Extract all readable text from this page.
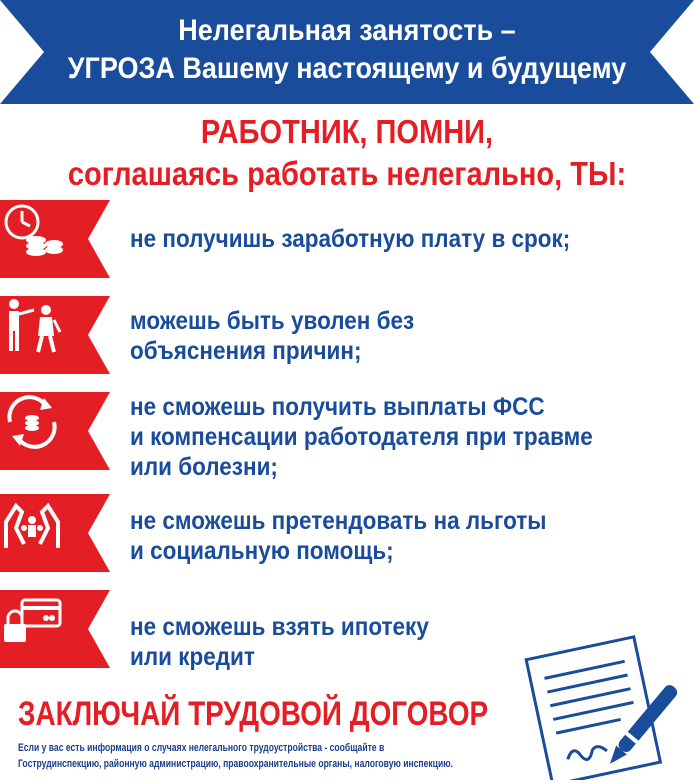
Нелегальная занятость –
УГРОЗА Вашему настоящему и будущему
РАБОТНИК, ПОМНИ,
соглашаясь работать нелегально, ТЫ:
не получишь заработную плату в срок;
можешь быть уволен без
объяснения причин;
не сможешь получить выплаты ФСС
и компенсации работодателя при травме
или болезни;
не сможешь претендовать на льготы
и социальную помощь;
не сможешь взять ипотеку
или кредит
ЗАКЛЮЧАЙ ТРУДОВОЙ ДОГОВОР
Если у вас есть информация о случаях нелегального трудоустройства - сообщайте в
Гострудинспекцию, районную администрацию, правоохранительные органы, налоговую инспекцию.
